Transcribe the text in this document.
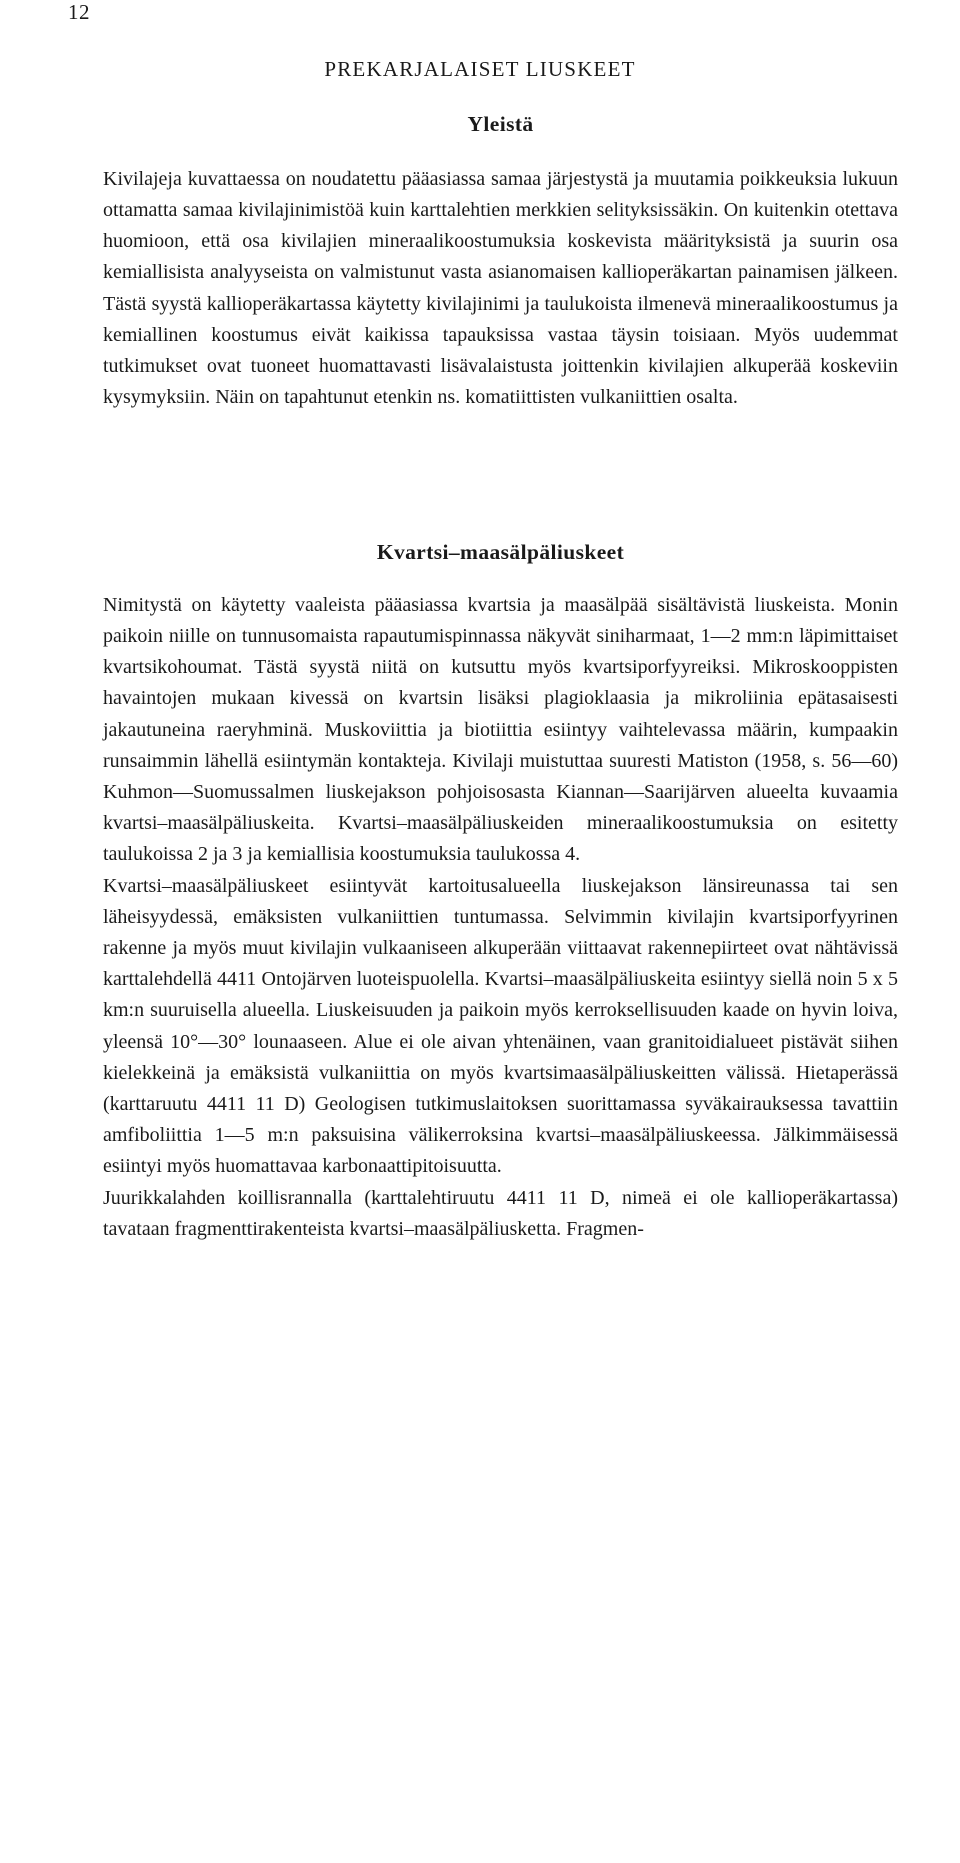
12
PREKARJALAISET LIUSKEET
Yleistä

Kivilajeja kuvattaessa on noudatettu pääasiassa samaa järjestystä ja muutamia poikkeuksia lukuun ottamatta samaa kivilajinimistöä kuin karttalehtien merkkien selityksissäkin. On kuitenkin otettava huomioon, että osa kivilajien mineraalikoostumuksia koskevista määrityksistä ja suurin osa kemiallisista analyyseista on valmistunut vasta asianomaisen kallioperäkartan painamisen jälkeen. Tästä syystä kallioperäkartassa käytetty kivilajinimi ja taulukoista ilmenevä mineraalikoostumus ja kemiallinen koostumus eivät kaikissa tapauksissa vastaa täysin toisiaan. Myös uudemmat tutkimukset ovat tuoneet huomattavasti lisävalaistusta joittenkin kivilajien alkuperää koskeviin kysymyksiin. Näin on tapahtunut etenkin ns. komatiittisten vulkaniittien osalta.

Kvartsi–maasälpäliuskeet

Nimitystä on käytetty vaaleista pääasiassa kvartsia ja maasälpää sisältävistä liuskeista. Monin paikoin niille on tunnusomaista rapautumispinnassa näkyvät siniharmaat, 1—2 mm:n läpimittaiset kvartsikohoumat. Tästä syystä niitä on kutsuttu myös kvartsiporfyyreiksi. Mikroskooppisten havaintojen mukaan kivessä on kvartsin lisäksi plagioklaasia ja mikroliinia epätasaisesti jakautuneina raeryhminä. Muskoviittia ja biotiittia esiintyy vaihtelevassa määrin, kumpaakin runsaimmin lähellä esiintymän kontakteja. Kivilaji muistuttaa suuresti Matiston (1958, s. 56—60) Kuhmon—Suomussalmen liuskejakson pohjoisosasta Kiannan—Saarijärven alueelta kuvaamia kvartsi–maasälpäliuskeita. Kvartsi–maasälpäliuskeiden mineraalikoostumuksia on esitetty taulukoissa 2 ja 3 ja kemiallisia koostumuksia taulukossa 4.

Kvartsi–maasälpäliuskeet esiintyvät kartoitusalueella liuskejakson länsireunassa tai sen läheisyydessä, emäksisten vulkaniittien tuntumassa. Selvimmin kivilajin kvartsiporfyyrinen rakenne ja myös muut kivilajin vulkaaniseen alkuperään viittaavat rakennepiirteet ovat nähtävissä karttalehdellä 4411 Ontojärven luoteispuolella. Kvartsi–maasälpäliuskeita esiintyy siellä noin 5 x 5 km:n suuruisella alueella. Liuskeisuuden ja paikoin myös kerroksellisuuden kaade on hyvin loiva, yleensä 10°—30° lounaaseen. Alue ei ole aivan yhtenäinen, vaan granitoidialueet pistävät siihen kielekkeinä ja emäksistä vulkaniittia on myös kvartsimaasälpäliuskeitten välissä. Hietaperässä (karttaruutu 4411 11 D) Geologisen tutkimuslaitoksen suorittamassa syväkairauksessa tavattiin amfiboliittia 1—5 m:n paksuisina välikerroksina kvartsi–maasälpäliuskeessa. Jälkimmäisessä esiintyi myös huomattavaa karbonaattipitoisuutta.

Juurikkalahden koillisrannalla (karttalehtiruutu 4411 11 D, nimeä ei ole kallioperäkartassa) tavataan fragmenttirakenteista kvartsi–maasälpäliusketta. Fragmen-
